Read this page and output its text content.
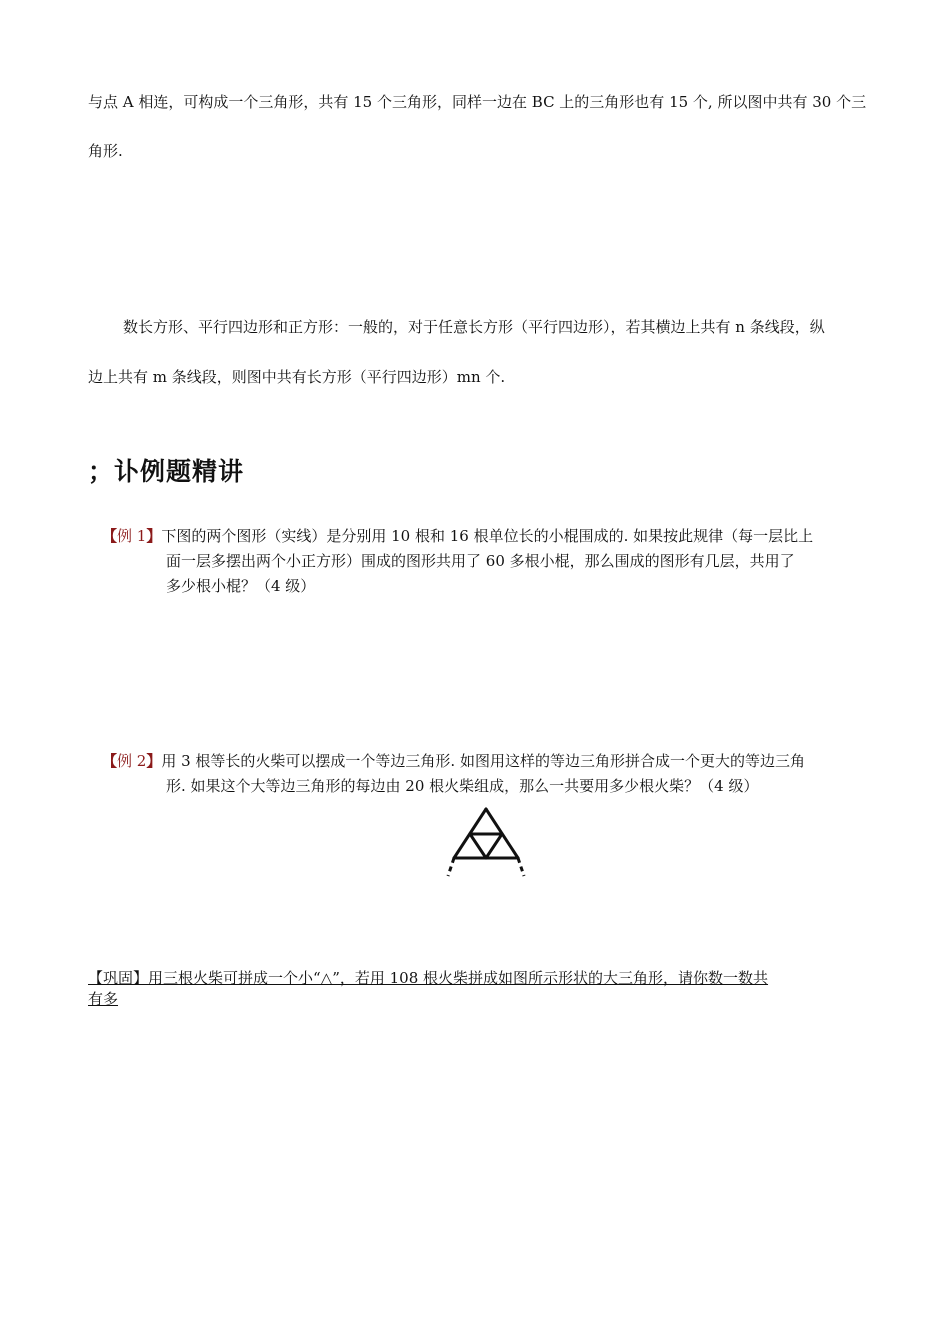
与点 A 相连，可构成一个三角形，共有 15 个三角形，同样一边在 BC 上的三角形也有 15 个, 所以图中共有 30 个三
角形.
数长方形、平行四边形和正方形：一般的，对于任意长方形（平行四边形），若其横边上共有 n 条线段，纵
边上共有 m 条线段，则图中共有长方形（平行四边形）mn 个.
；讣例题精讲
【例 1】下图的两个图形（实线）是分别用 10 根和 16 根单位长的小棍围成的. 如果按此规律（每一层比上
面一层多摆出两个小正方形）围成的图形共用了 60 多根小棍，那么围成的图形有几层，共用了
多少根小棍？（4 级）
【例 2】用 3 根等长的火柴可以摆成一个等边三角形. 如图用这样的等边三角形拼合成一个更大的等边三角
形. 如果这个大等边三角形的每边由 20 根火柴组成，那么一共要用多少根火柴？（4 级）
【巩固】用三根火柴可拼成一个小“△”，若用 108 根火柴拼成如图所示形状的大三角形，请你数一数共
有多
